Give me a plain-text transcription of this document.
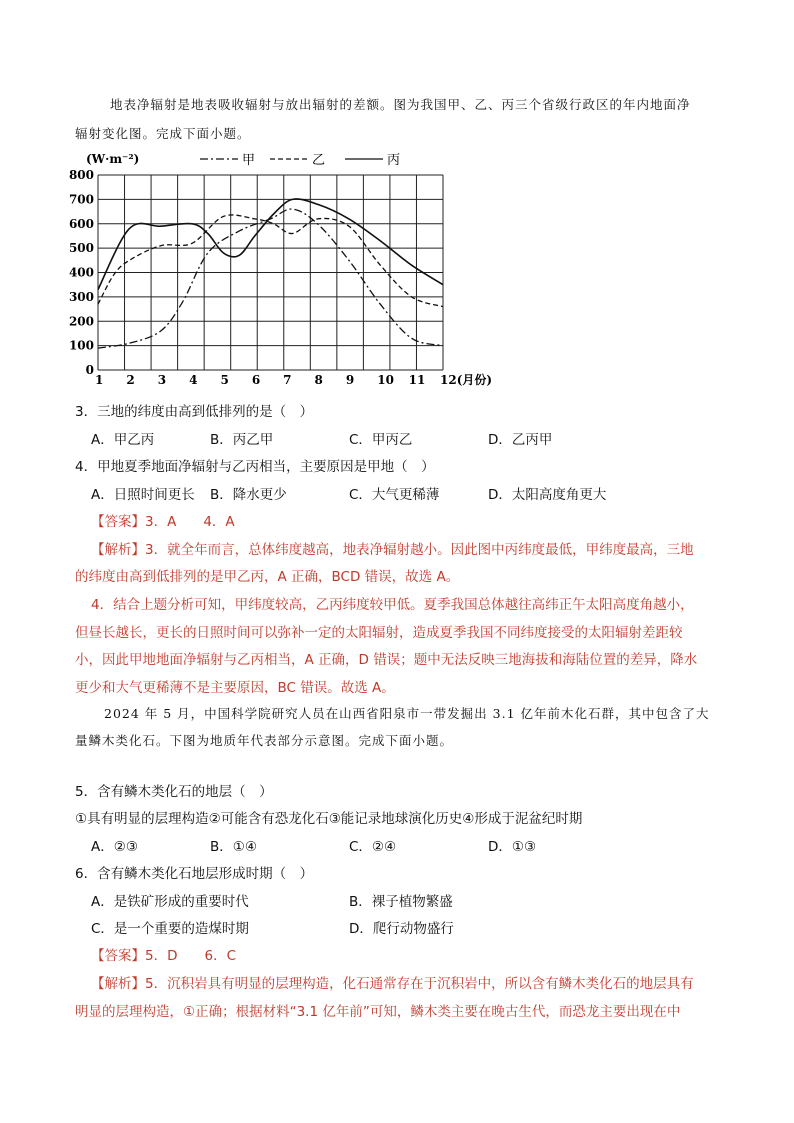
地表净辐射是地表吸收辐射与放出辐射的差额。图为我国甲、乙、丙三个省级行政区的年内地面净
辐射变化图。完成下面小题。
0
100
200
300
400
500
600
700
800
1 2 3 4 5 6 7 8 9 10 11 12(月份)
甲	乙	丙
(W·m⁻²)
3．三地的纬度由高到低排列的是（　）
A．甲乙丙	B．丙乙甲	C．甲丙乙	D．乙丙甲
4．甲地夏季地面净辐射与乙丙相当，主要原因是甲地（　）
A．日照时间更长 B．降水更少	C．大气更稀薄	D．太阳高度角更大
【答案】3．A　　4．A
【解析】3．就全年而言，总体纬度越高，地表净辐射越小。因此图中丙纬度最低，甲纬度最高，三地
的纬度由高到低排列的是甲乙丙，A 正确，BCD 错误，故选 A。
4．结合上题分析可知，甲纬度较高，乙丙纬度较甲低。夏季我国总体越往高纬正午太阳高度角越小，
但昼长越长，更长的日照时间可以弥补一定的太阳辐射，造成夏季我国不同纬度接受的太阳辐射差距较
小，因此甲地地面净辐射与乙丙相当，A 正确，D 错误；题中无法反映三地海拔和海陆位置的差异，降水
更少和大气更稀薄不是主要原因，BC 错误。故选 A。
2024 年 5 月，中国科学院研究人员在山西省阳泉市一带发掘出 3.1 亿年前木化石群，其中包含了大
量鳞木类化石。下图为地质年代表部分示意图。完成下面小题。
5．含有鳞木类化石的地层（　）
①具有明显的层理构造②可能含有恐龙化石③能记录地球演化历史④形成于泥盆纪时期
A．②③	B．①④	C．②④	D．①③
6．含有鳞木类化石地层形成时期（　）
A．是铁矿形成的重要时代	B．裸子植物繁盛
C．是一个重要的造煤时期	D．爬行动物盛行
【答案】5．D　　6．C
【解析】5．沉积岩具有明显的层理构造，化石通常存在于沉积岩中，所以含有鳞木类化石的地层具有
明显的层理构造，①正确；根据材料“3.1 亿年前”可知，鳞木类主要在晚古生代，而恐龙主要出现在中
